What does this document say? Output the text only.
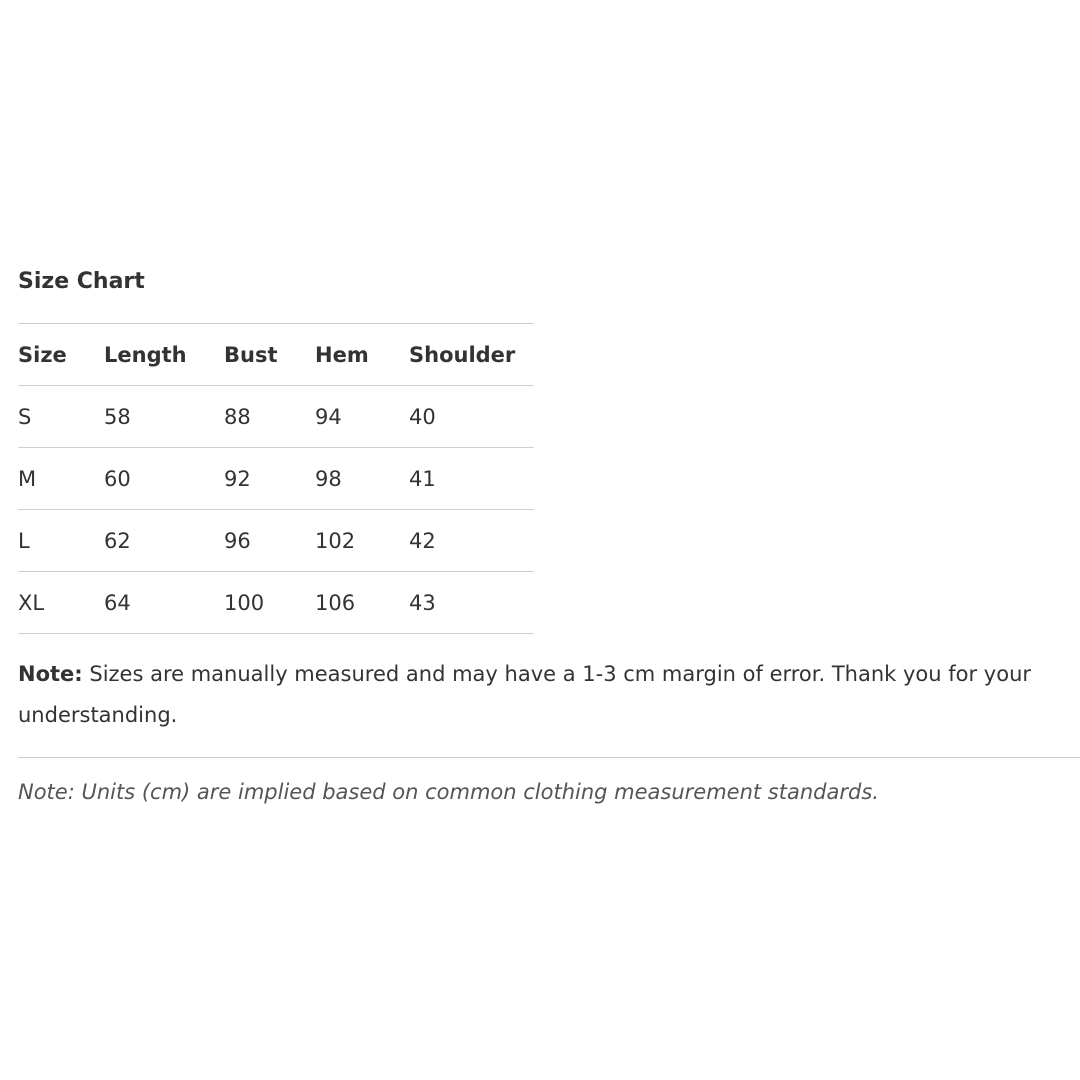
Size Chart
Size	Length	Bust	Hem	Shoulder
S	58	88	94	40
M	60	92	98	41
L	62	96	102	42
XL	64	100	106	43

Note: Sizes are manually measured and may have a 1-3 cm margin of error. Thank you for your understanding.

Note: Units (cm) are implied based on common clothing measurement standards.
